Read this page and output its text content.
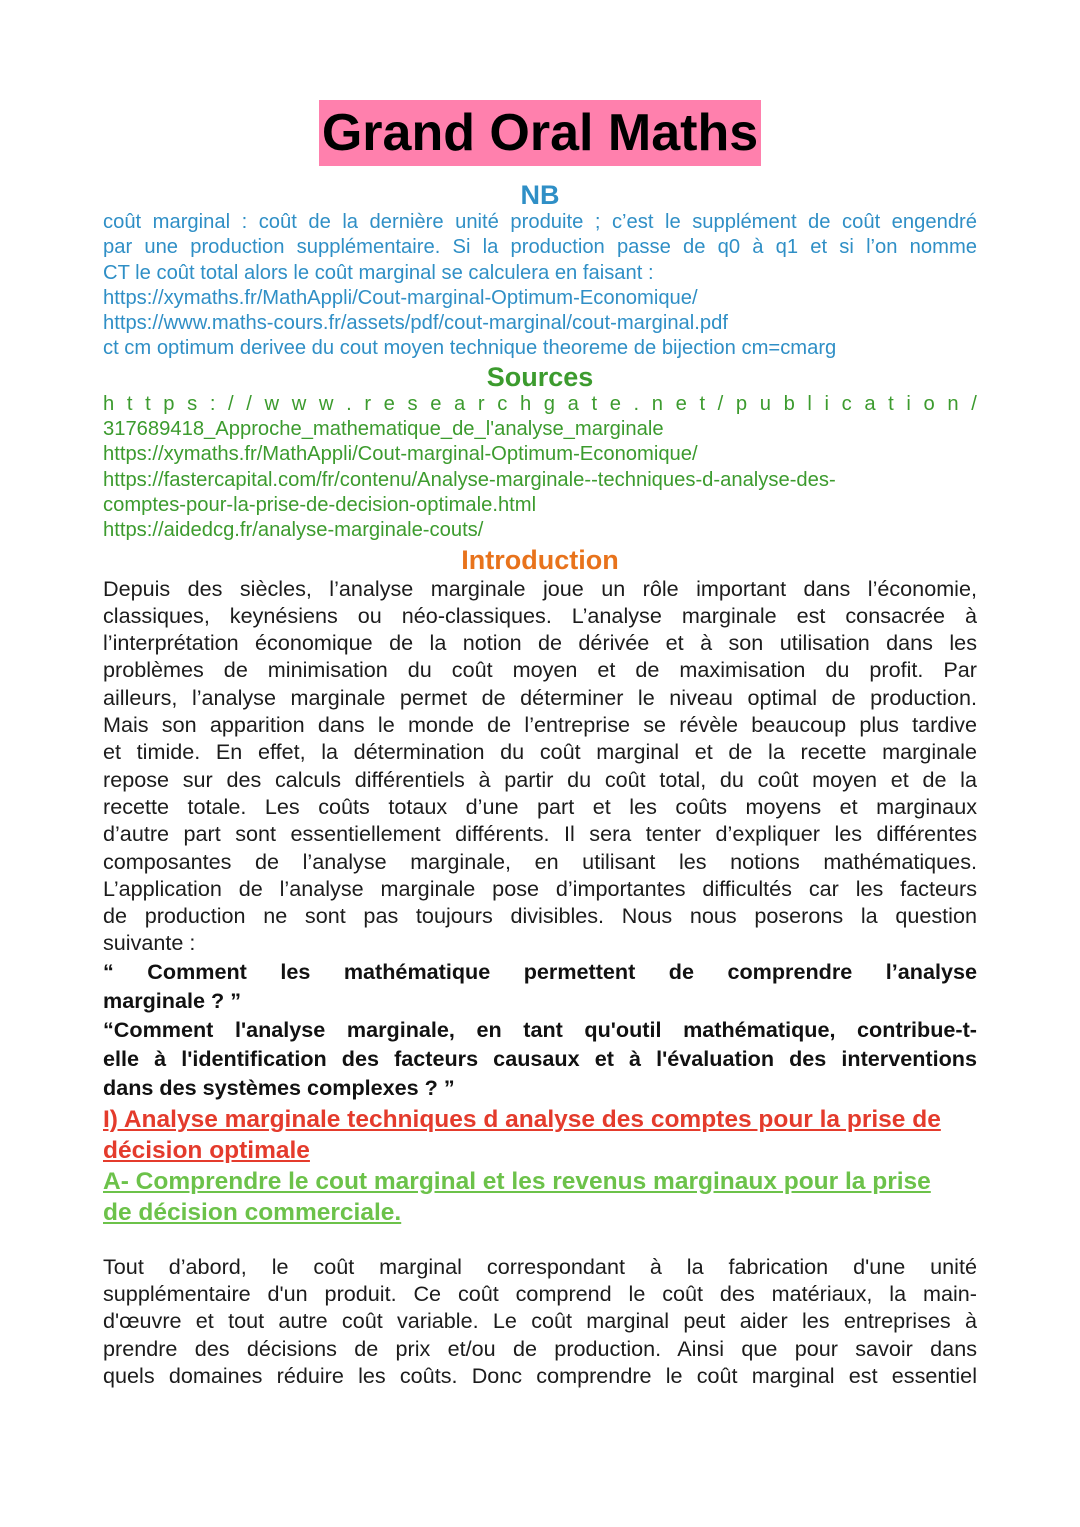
Grand Oral Maths
NB
coût marginal : coût de la dernière unité produite ; c’est le supplément de coût engendré
par une production supplémentaire. Si la production passe de q0 à q1 et si l’on nomme
CT le coût total alors le coût marginal se calculera en faisant :
https://xymaths.fr/MathAppli/Cout-marginal-Optimum-Economique/
https://www.maths-cours.fr/assets/pdf/cout-marginal/cout-marginal.pdf
ct cm optimum derivee du cout moyen technique theoreme de bijection cm=cmarg
Sources
h t t p s : / / w w w . r e s e a r c h g a t e . n e t / p u b l i c a t i o n /
317689418_Approche_mathematique_de_l'analyse_marginale
https://xymaths.fr/MathAppli/Cout-marginal-Optimum-Economique/
https://fastercapital.com/fr/contenu/Analyse-marginale--techniques-d-analyse-des-
comptes-pour-la-prise-de-decision-optimale.html
https://aidedcg.fr/analyse-marginale-couts/
Introduction
Depuis des siècles, l’analyse marginale joue un rôle important dans l’économie,
classiques, keynésiens ou néo-classiques. L’analyse marginale est consacrée à
l’interprétation économique de la notion de dérivée et à son utilisation dans les
problèmes de minimisation du coût moyen et de maximisation du profit. Par
ailleurs, l’analyse marginale permet de déterminer le niveau optimal de production.
Mais son apparition dans le monde de l’entreprise se révèle beaucoup plus tardive
et timide. En effet, la détermination du coût marginal et de la recette marginale
repose sur des calculs différentiels à partir du coût total, du coût moyen et de la
recette totale. Les coûts totaux d’une part et les coûts moyens et marginaux
d’autre part sont essentiellement différents. Il sera tenter d’expliquer les différentes
composantes de l’analyse marginale, en utilisant les notions mathématiques.
L’application de l’analyse marginale pose d’importantes difficultés car les facteurs
de production ne sont pas toujours divisibles. Nous nous poserons la question
suivante :
“ Comment les mathématique permettent de comprendre l’analyse
marginale ? ”
“Comment l'analyse marginale, en tant qu'outil mathématique, contribue-t-
elle à l'identification des facteurs causaux et à l'évaluation des interventions
dans des systèmes complexes ? ”
I) Analyse marginale techniques d analyse des comptes pour la prise de
décision optimale
A- Comprendre le cout marginal et les revenus marginaux pour la prise
de décision commerciale.
Tout d’abord, le coût marginal correspondant à la fabrication d'une unité
supplémentaire d'un produit. Ce coût comprend le coût des matériaux, la main-
d'œuvre et tout autre coût variable. Le coût marginal peut aider les entreprises à
prendre des décisions de prix et/ou de production. Ainsi que pour savoir dans
quels domaines réduire les coûts. Donc comprendre le coût marginal est essentiel
